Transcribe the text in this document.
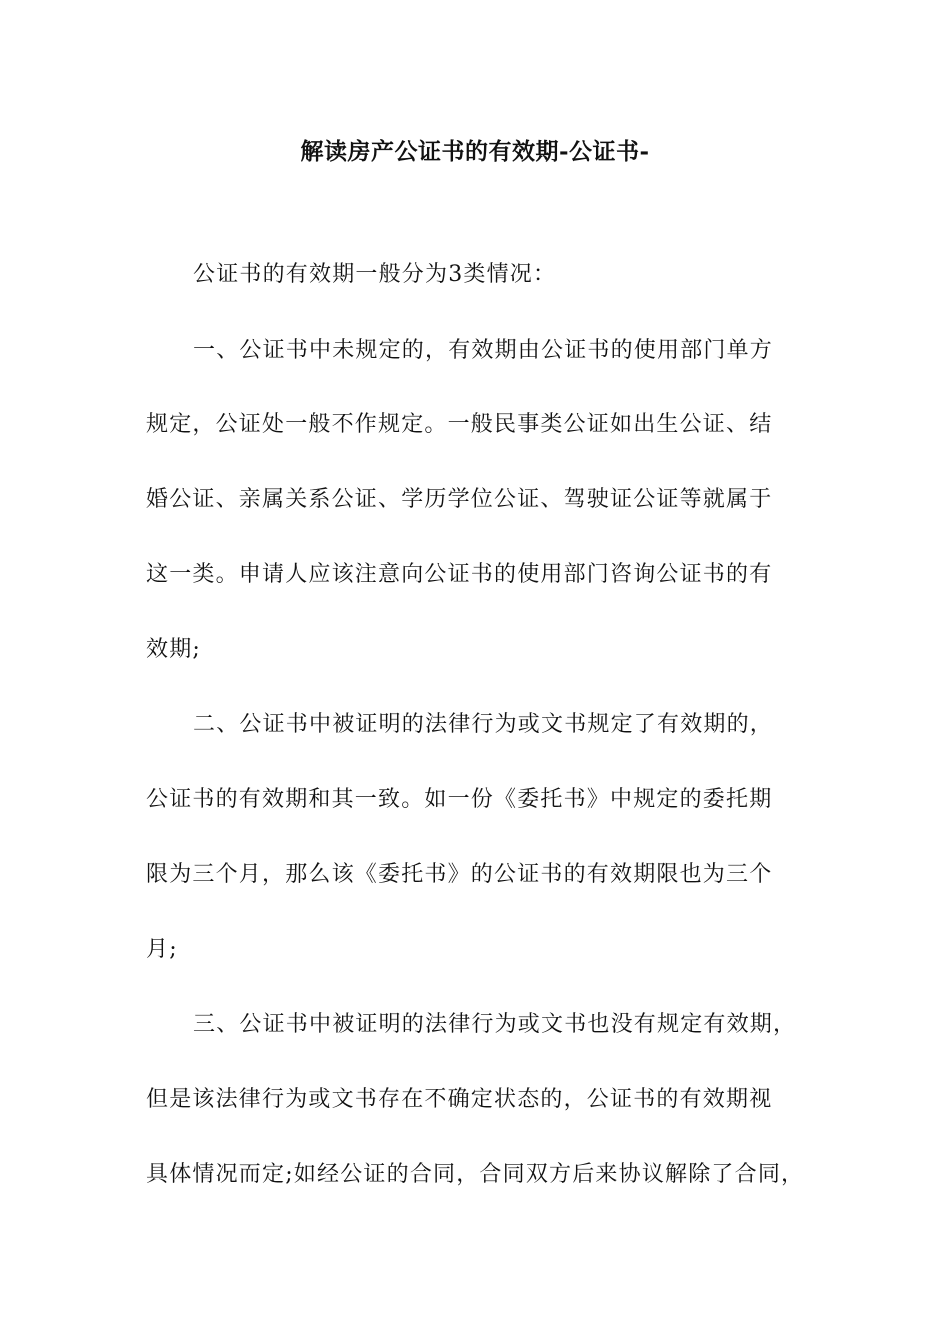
解读房产公证书的有效期-公证书-
公证书的有效期一般分为3类情况：
一、公证书中未规定的，有效期由公证书的使用部门单方
规定，公证处一般不作规定。一般民事类公证如出生公证、结
婚公证、亲属关系公证、学历学位公证、驾驶证公证等就属于
这一类。申请人应该注意向公证书的使用部门咨询公证书的有
效期;
二、公证书中被证明的法律行为或文书规定了有效期的，
公证书的有效期和其一致。如一份《委托书》中规定的委托期
限为三个月，那么该《委托书》的公证书的有效期限也为三个
月;
三、公证书中被证明的法律行为或文书也没有规定有效期，
但是该法律行为或文书存在不确定状态的，公证书的有效期视
具体情况而定;如经公证的合同，合同双方后来协议解除了合同，
